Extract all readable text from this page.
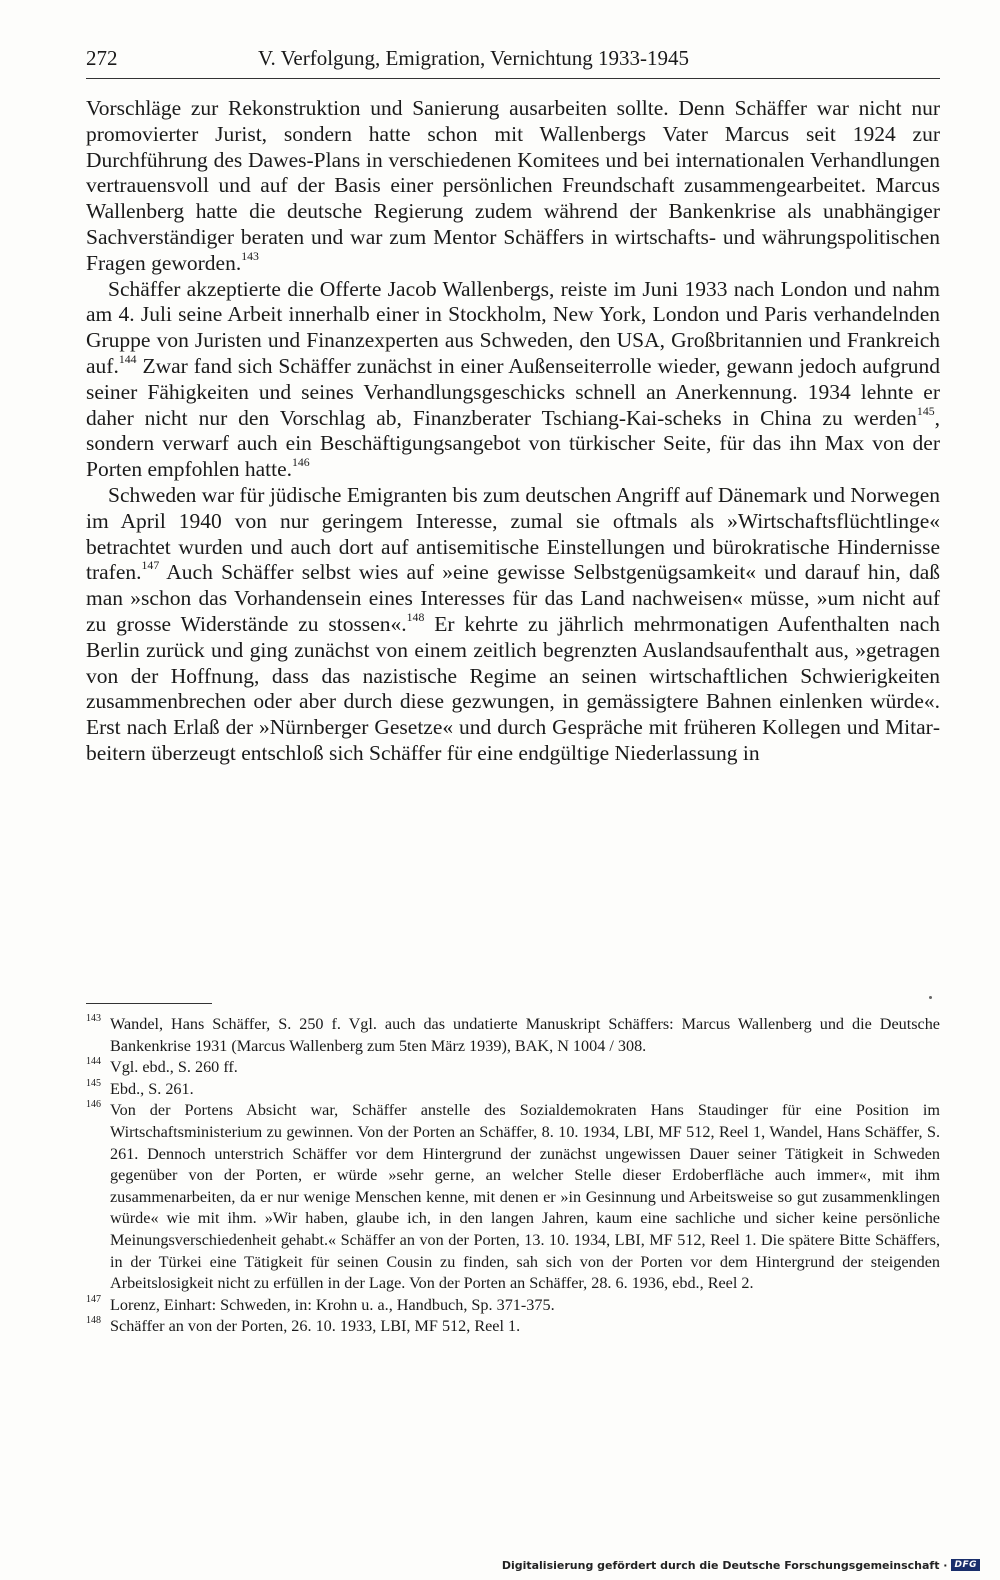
272	V. Verfolgung, Emigration, Vernichtung 1933-1945

Vorschläge zur Rekonstruktion und Sanierung ausarbeiten sollte. Denn Schäffer war nicht nur promovierter Jurist, sondern hatte schon mit Wallenbergs Vater Marcus seit 1924 zur Durchführung des Dawes-Plans in verschiedenen Komitees und bei internationalen Verhandlungen vertrauensvoll und auf der Basis einer persönlichen Freundschaft zusammengearbeitet. Marcus Wallenberg hatte die deutsche Regierung zudem während der Bankenkrise als unabhängiger Sachverständiger beraten und war zum Mentor Schäffers in wirtschafts- und währungspolitischen Fragen geworden.$^{143}$

Schäffer akzeptierte die Offerte Jacob Wallenbergs, reiste im Juni 1933 nach London und nahm am 4. Juli seine Arbeit innerhalb einer in Stockholm, New York, London und Paris verhandelnden Gruppe von Juristen und Finanzexperten aus Schweden, den USA, Großbritannien und Frankreich auf.$^{144}$ Zwar fand sich Schäffer zunächst in einer Außenseiterrolle wieder, gewann jedoch aufgrund seiner Fähigkeiten und seines Verhandlungsgeschicks schnell an Anerkennung. 1934 lehnte er daher nicht nur den Vorschlag ab, Finanzberater Tschiang-Kai-scheks in China zu werden$^{145}$, sondern verwarf auch ein Beschäftigungsangebot von türkischer Seite, für das ihn Max von der Porten empfohlen hatte.$^{146}$

Schweden war für jüdische Emigranten bis zum deutschen Angriff auf Dänemark und Norwegen im April 1940 von nur geringem Interesse, zumal sie oftmals als »Wirtschaftsflüchtlinge« betrachtet wurden und auch dort auf antisemitische Einstellungen und bürokratische Hindernisse trafen.$^{147}$ Auch Schäffer selbst wies auf »eine gewisse Selbstgenügsamkeit« und darauf hin, daß man »schon das Vorhandensein eines Interesses für das Land nachweisen« müsse, »um nicht auf zu grosse Widerstände zu stossen«.$^{148}$ Er kehrte zu jährlich mehrmonatigen Aufenthalten nach Berlin zurück und ging zunächst von einem zeitlich begrenzten Auslandsaufenthalt aus, »getragen von der Hoffnung, dass das nazistische Regime an seinen wirtschaftlichen Schwierigkeiten zusammenbrechen oder aber durch diese gezwungen, in gemässigtere Bahnen einlenken würde«. Erst nach Erlaß der »Nürnberger Gesetze« und durch Gespräche mit früheren Kollegen und Mitarbeitern überzeugt entschloß sich Schäffer für eine endgültige Niederlassung in

143 Wandel, Hans Schäffer, S. 250 f. Vgl. auch das undatierte Manuskript Schäffers: Marcus Wallenberg und die Deutsche Bankenkrise 1931 (Marcus Wallenberg zum 5ten März 1939), BAK, N 1004 / 308.
144 Vgl. ebd., S. 260 ff.
145 Ebd., S. 261.
146 Von der Portens Absicht war, Schäffer anstelle des Sozialdemokraten Hans Staudinger für eine Position im Wirtschaftsministerium zu gewinnen. Von der Porten an Schäffer, 8. 10. 1934, LBI, MF 512, Reel 1, Wandel, Hans Schäffer, S. 261. Dennoch unterstrich Schäffer vor dem Hintergrund der zunächst ungewissen Dauer seiner Tätigkeit in Schweden gegenüber von der Porten, er würde »sehr gerne, an welcher Stelle dieser Erdoberfläche auch immer«, mit ihm zusammenarbeiten, da er nur wenige Menschen kenne, mit denen er »in Gesinnung und Arbeitsweise so gut zusammenklingen würde« wie mit ihm. »Wir haben, glaube ich, in den langen Jahren, kaum eine sachliche und sicher keine persönliche Meinungsverschiedenheit gehabt.« Schäffer an von der Porten, 13. 10. 1934, LBI, MF 512, Reel 1. Die spätere Bitte Schäffers, in der Türkei eine Tätigkeit für seinen Cousin zu finden, sah sich von der Porten vor dem Hintergrund der steigenden Arbeitslosigkeit nicht zu erfüllen in der Lage. Von der Porten an Schäffer, 28. 6. 1936, ebd., Reel 2.
147 Lorenz, Einhart: Schweden, in: Krohn u. a., Handbuch, Sp. 371-375.
148 Schäffer an von der Porten, 26. 10. 1933, LBI, MF 512, Reel 1.
Digitalisierung gefördert durch die Deutsche Forschungsgemeinschaft · DFG
